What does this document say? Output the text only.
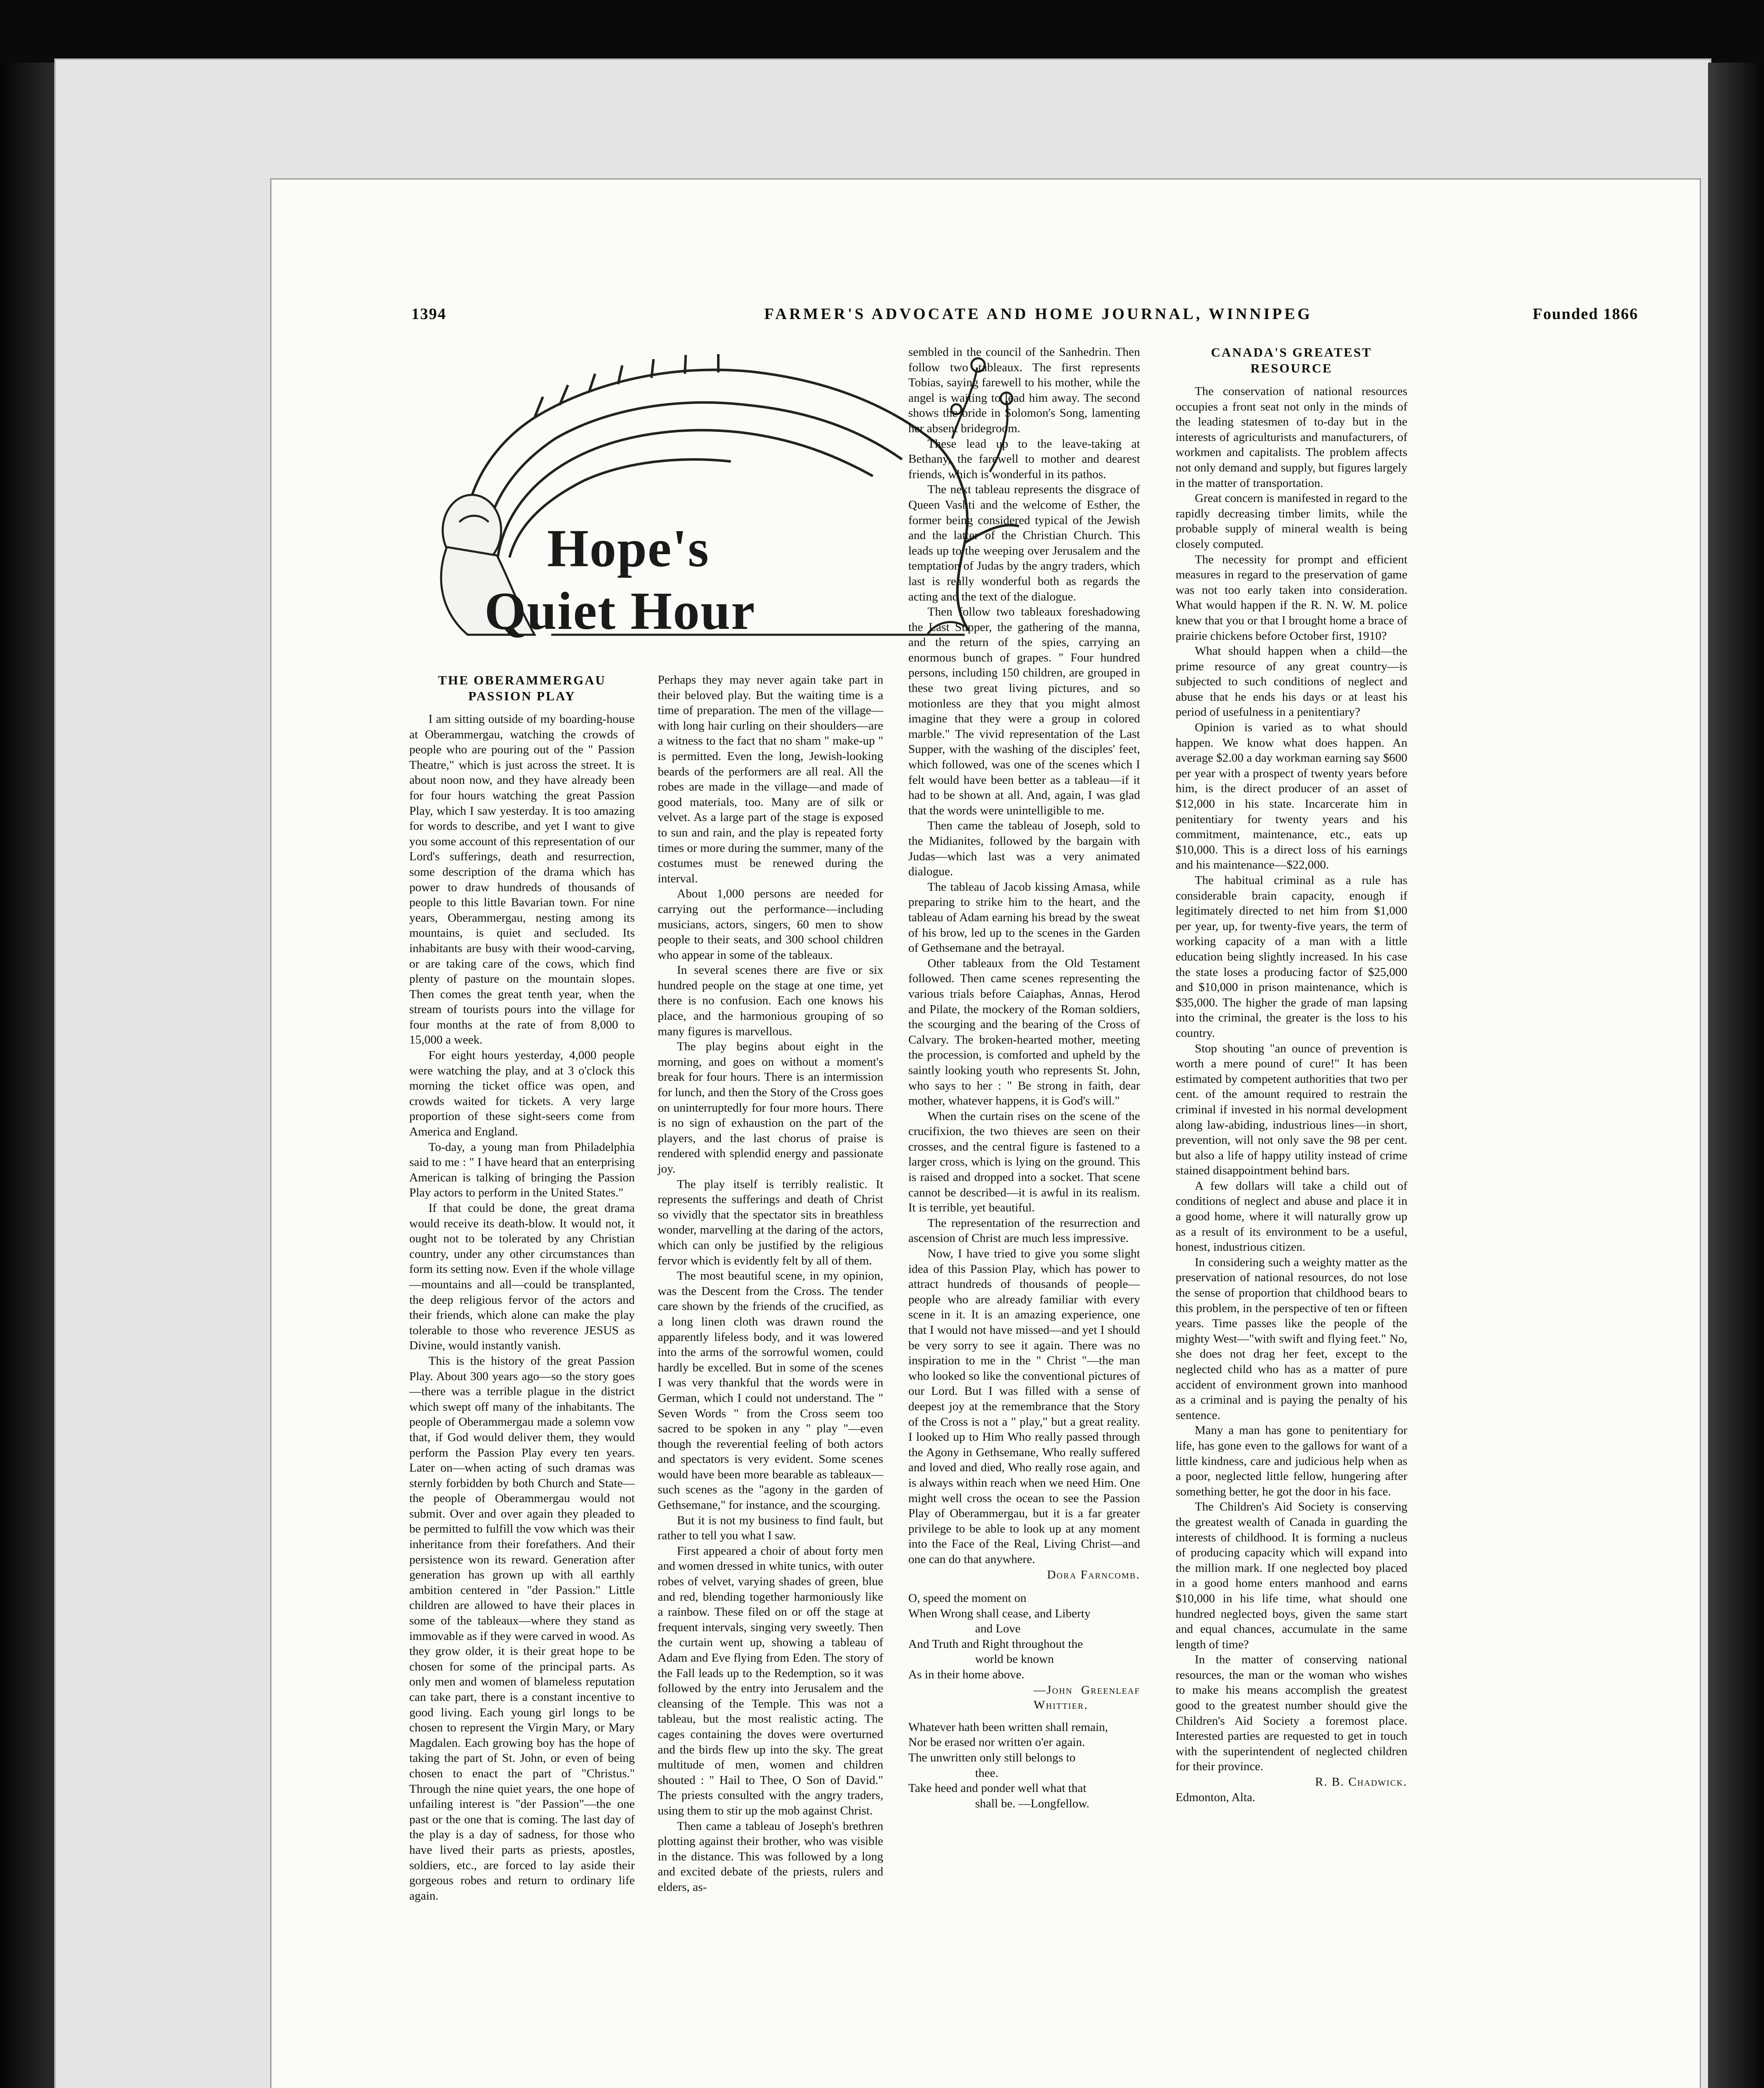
1394	FARMER'S ADVOCATE AND HOME JOURNAL, WINNIPEG	Founded 1866
Hope's
Quiet Hour
THE OBERAMMERGAU PASSION PLAY

I am sitting outside of my boarding-house at Oberammergau, watching the crowds of people who are pouring out of the " Passion Theatre," which is just across the street. It is about noon now, and they have already been for four hours watching the great Passion Play, which I saw yesterday. It is too amazing for words to describe, and yet I want to give you some account of this representation of our Lord's sufferings, death and resurrection, some description of the drama which has power to draw hundreds of thousands of people to this little Bavarian town. For nine years, Oberammergau, nesting among its mountains, is quiet and secluded. Its inhabitants are busy with their wood-carving, or are taking care of the cows, which find plenty of pasture on the mountain slopes. Then comes the great tenth year, when the stream of tourists pours into the village for four months at the rate of from 8,000 to 15,000 a week.

For eight hours yesterday, 4,000 people were watching the play, and at 3 o'clock this morning the ticket office was open, and crowds waited for tickets. A very large proportion of these sight-seers come from America and England.

To-day, a young man from Philadelphia said to me : " I have heard that an enterprising American is talking of bringing the Passion Play actors to perform in the United States."

If that could be done, the great drama would receive its death-blow. It would not, it ought not to be tolerated by any Christian country, under any other circumstances than form its setting now. Even if the whole village—mountains and all—could be transplanted, the deep religious fervor of the actors and their friends, which alone can make the play tolerable to those who reverence JESUS as Divine, would instantly vanish.

This is the history of the great Passion Play. About 300 years ago—so the story goes—there was a terrible plague in the district which swept off many of the inhabitants. The people of Oberammergau made a solemn vow that, if God would deliver them, they would perform the Passion Play every ten years. Later on—when acting of such dramas was sternly forbidden by both Church and State—the people of Oberammergau would not submit. Over and over again they pleaded to be permitted to fulfill the vow which was their inheritance from their forefathers. And their persistence won its reward. Generation after generation has grown up with all earthly ambition centered in "der Passion." Little children are allowed to have their places in some of the tableaux—where they stand as immovable as if they were carved in wood. As they grow older, it is their great hope to be chosen for some of the principal parts. As only men and women of blameless reputation can take part, there is a constant incentive to good living. Each young girl longs to be chosen to represent the Virgin Mary, or Mary Magdalen. Each growing boy has the hope of taking the part of St. John, or even of being chosen to enact the part of "Christus." Through the nine quiet years, the one hope of unfailing interest is "der Passion"—the one past or the one that is coming. The last day of the play is a day of sadness, for those who have lived their parts as priests, apostles, soldiers, etc., are forced to lay aside their gorgeous robes and return to ordinary life again.

Perhaps they may never again take part in their beloved play. But the waiting time is a time of preparation. The men of the village—with long hair curling on their shoulders—are a witness to the fact that no sham " make-up " is permitted. Even the long, Jewish-looking beards of the performers are all real. All the robes are made in the village—and made of good materials, too. Many are of silk or velvet. As a large part of the stage is exposed to sun and rain, and the play is repeated forty times or more during the summer, many of the costumes must be renewed during the interval.

About 1,000 persons are needed for carrying out the performance—including musicians, actors, singers, 60 men to show people to their seats, and 300 school children who appear in some of the tableaux.

In several scenes there are five or six hundred people on the stage at one time, yet there is no confusion. Each one knows his place, and the harmonious grouping of so many figures is marvellous.

The play begins about eight in the morning, and goes on without a moment's break for four hours. There is an intermission for lunch, and then the Story of the Cross goes on uninterruptedly for four more hours. There is no sign of exhaustion on the part of the players, and the last chorus of praise is rendered with splendid energy and passionate joy.

The play itself is terribly realistic. It represents the sufferings and death of Christ so vividly that the spectator sits in breathless wonder, marvelling at the daring of the actors, which can only be justified by the religious fervor which is evidently felt by all of them.

The most beautiful scene, in my opinion, was the Descent from the Cross. The tender care shown by the friends of the crucified, as a long linen cloth was drawn round the apparently lifeless body, and it was lowered into the arms of the sorrowful women, could hardly be excelled. But in some of the scenes I was very thankful that the words were in German, which I could not understand. The " Seven Words " from the Cross seem too sacred to be spoken in any " play "—even though the reverential feeling of both actors and spectators is very evident. Some scenes would have been more bearable as tableaux—such scenes as the "agony in the garden of Gethsemane," for instance, and the scourging.

But it is not my business to find fault, but rather to tell you what I saw.

First appeared a choir of about forty men and women dressed in white tunics, with outer robes of velvet, varying shades of green, blue and red, blending together harmoniously like a rainbow. These filed on or off the stage at frequent intervals, singing very sweetly. Then the curtain went up, showing a tableau of Adam and Eve flying from Eden. The story of the Fall leads up to the Redemption, so it was followed by the entry into Jerusalem and the cleansing of the Temple. This was not a tableau, but the most realistic acting. The cages containing the doves were overturned and the birds flew up into the sky. The great multitude of men, women and children shouted : " Hail to Thee, O Son of David." The priests consulted with the angry traders, using them to stir up the mob against Christ.

Then came a tableau of Joseph's brethren plotting against their brother, who was visible in the distance. This was followed by a long and excited debate of the priests, rulers and elders, as-

sembled in the council of the Sanhedrin. Then follow two tableaux. The first represents Tobias, saying farewell to his mother, while the angel is waiting to lead him away. The second shows the bride in Solomon's Song, lamenting her absent bridegroom.

These lead up to the leave-taking at Bethany, the farewell to mother and dearest friends, which is wonderful in its pathos.

The next tableau represents the disgrace of Queen Vashti and the welcome of Esther, the former being considered typical of the Jewish and the latter of the Christian Church. This leads up to the weeping over Jerusalem and the temptation of Judas by the angry traders, which last is really wonderful both as regards the acting and the text of the dialogue.

Then follow two tableaux foreshadowing the Last Supper, the gathering of the manna, and the return of the spies, carrying an enormous bunch of grapes. " Four hundred persons, including 150 children, are grouped in these two great living pictures, and so motionless are they that you might almost imagine that they were a group in colored marble." The vivid representation of the Last Supper, with the washing of the disciples' feet, which followed, was one of the scenes which I felt would have been better as a tableau—if it had to be shown at all. And, again, I was glad that the words were unintelligible to me.

Then came the tableau of Joseph, sold to the Midianites, followed by the bargain with Judas—which last was a very animated dialogue.

The tableau of Jacob kissing Amasa, while preparing to strike him to the heart, and the tableau of Adam earning his bread by the sweat of his brow, led up to the scenes in the Garden of Gethsemane and the betrayal.

Other tableaux from the Old Testament followed. Then came scenes representing the various trials before Caiaphas, Annas, Herod and Pilate, the mockery of the Roman soldiers, the scourging and the bearing of the Cross of Calvary. The broken-hearted mother, meeting the procession, is comforted and upheld by the saintly looking youth who represents St. John, who says to her : " Be strong in faith, dear mother, whatever happens, it is God's will."

When the curtain rises on the scene of the crucifixion, the two thieves are seen on their crosses, and the central figure is fastened to a larger cross, which is lying on the ground. This is raised and dropped into a socket. That scene cannot be described—it is awful in its realism. It is terrible, yet beautiful.

The representation of the resurrection and ascension of Christ are much less impressive.

Now, I have tried to give you some slight idea of this Passion Play, which has power to attract hundreds of thousands of people—people who are already familiar with every scene in it. It is an amazing experience, one that I would not have missed—and yet I should be very sorry to see it again. There was no inspiration to me in the " Christ "—the man who looked so like the conventional pictures of our Lord. But I was filled with a sense of deepest joy at the remembrance that the Story of the Cross is not a " play," but a great reality. I looked up to Him Who really passed through the Agony in Gethsemane, Who really suffered and loved and died, Who really rose again, and is always within reach when we need Him. One might well cross the ocean to see the Passion Play of Oberammergau, but it is a far greater privilege to be able to look up at any moment into the Face of the Real, Living Christ—and one can do that anywhere.

Dora Farncomb.
O, speed the moment on
When Wrong shall cease, and Liberty
and Love
And Truth and Right throughout the
world be known
As in their home above.
—John Greenleaf Whittier.
Whatever hath been written shall remain,
Nor be erased nor written o'er again.
The unwritten only still belongs to
thee.
Take heed and ponder well what that
shall be. —Longfellow.
CANADA'S GREATEST RESOURCE

The conservation of national resources occupies a front seat not only in the minds of the leading statesmen of to-day but in the interests of agriculturists and manufacturers, of workmen and capitalists. The problem affects not only demand and supply, but figures largely in the matter of transportation.

Great concern is manifested in regard to the rapidly decreasing timber limits, while the probable supply of mineral wealth is being closely computed.

The necessity for prompt and efficient measures in regard to the preservation of game was not too early taken into consideration. What would happen if the R. N. W. M. police knew that you or that I brought home a brace of prairie chickens before October first, 1910?

What should happen when a child—the prime resource of any great country—is subjected to such conditions of neglect and abuse that he ends his days or at least his period of usefulness in a penitentiary?

Opinion is varied as to what should happen. We know what does happen. An average $2.00 a day workman earning say $600 per year with a prospect of twenty years before him, is the direct producer of an asset of $12,000 in his state. Incarcerate him in penitentiary for twenty years and his commitment, maintenance, etc., eats up $10,000. This is a direct loss of his earnings and his maintenance—$22,000.

The habitual criminal as a rule has considerable brain capacity, enough if legitimately directed to net him from $1,000 per year, up, for twenty-five years, the term of working capacity of a man with a little education being slightly increased. In his case the state loses a producing factor of $25,000 and $10,000 in prison maintenance, which is $35,000. The higher the grade of man lapsing into the criminal, the greater is the loss to his country.

Stop shouting "an ounce of prevention is worth a mere pound of cure!" It has been estimated by competent authorities that two per cent. of the amount required to restrain the criminal if invested in his normal development along law-abiding, industrious lines—in short, prevention, will not only save the 98 per cent. but also a life of happy utility instead of crime stained disappointment behind bars.

A few dollars will take a child out of conditions of neglect and abuse and place it in a good home, where it will naturally grow up as a result of its environment to be a useful, honest, industrious citizen.

In considering such a weighty matter as the preservation of national resources, do not lose the sense of proportion that childhood bears to this problem, in the perspective of ten or fifteen years. Time passes like the people of the mighty West—"with swift and flying feet." No, she does not drag her feet, except to the neglected child who has as a matter of pure accident of environment grown into manhood as a criminal and is paying the penalty of his sentence.

Many a man has gone to penitentiary for life, has gone even to the gallows for want of a little kindness, care and judicious help when as a poor, neglected little fellow, hungering after something better, he got the door in his face.

The Children's Aid Society is conserving the greatest wealth of Canada in guarding the interests of childhood. It is forming a nucleus of producing capacity which will expand into the million mark. If one neglected boy placed in a good home enters manhood and earns $10,000 in his life time, what should one hundred neglected boys, given the same start and equal chances, accumulate in the same length of time?

In the matter of conserving national resources, the man or the woman who wishes to make his means accomplish the greatest good to the greatest number should give the Children's Aid Society a foremost place. Interested parties are requested to get in touch with the superintendent of neglected children for their province.

R. B. Chadwick.
Edmonton, Alta.
